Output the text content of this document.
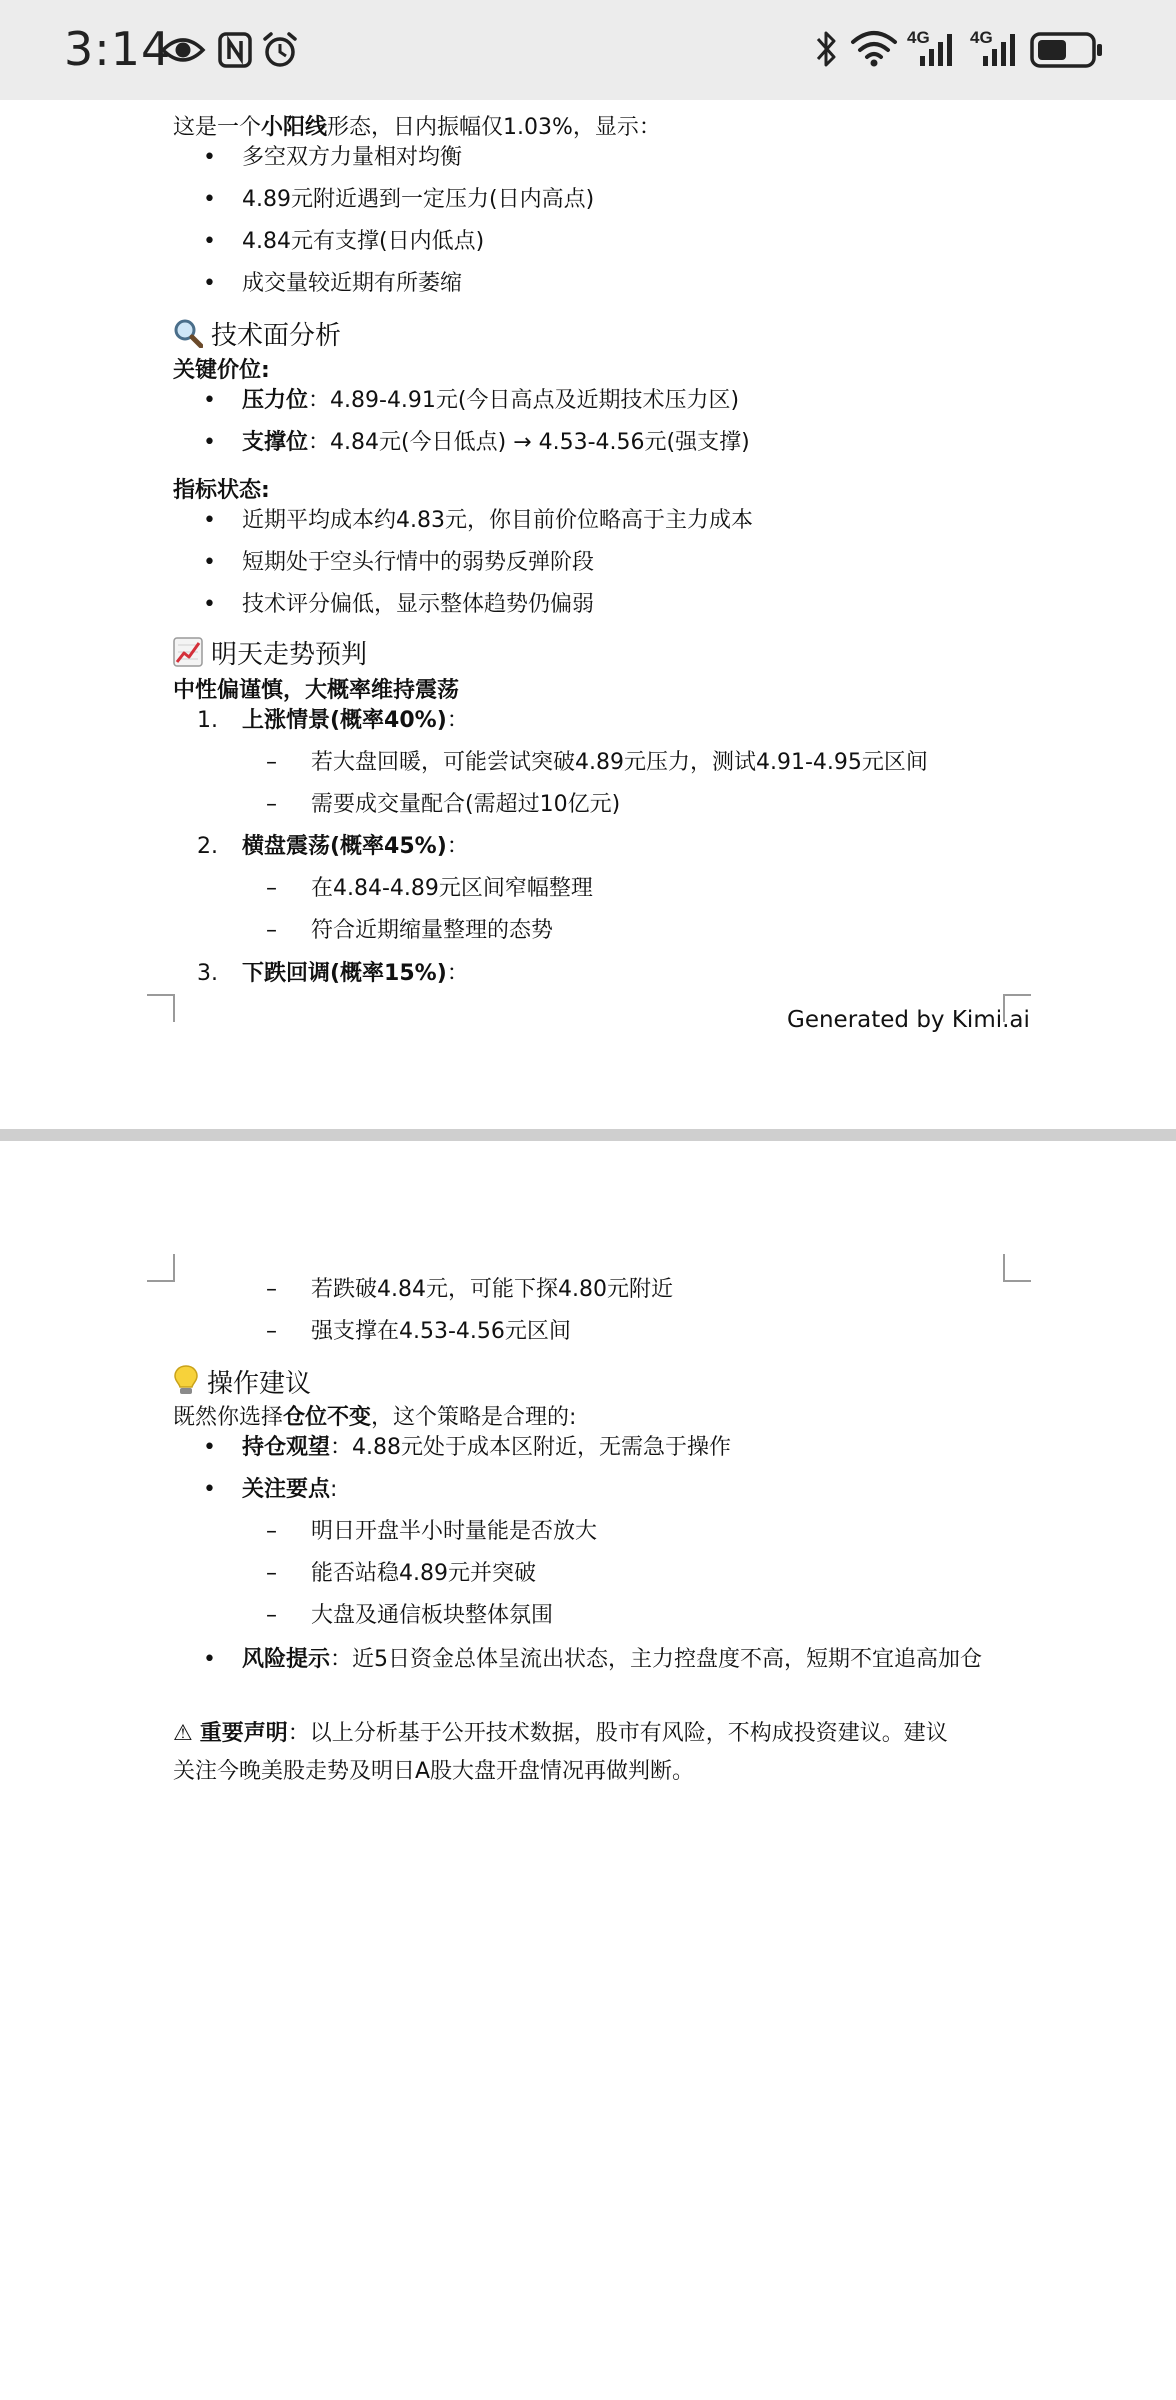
3:14	4G 4G
这是一个小阳线形态，日内振幅仅1.03%，显示：
• 多空双方力量相对均衡
• 4.89元附近遇到一定压力(日内高点)
• 4.84元有支撑(日内低点)
• 成交量较近期有所萎缩
技术面分析
关键价位:
• 压力位：4.89-4.91元(今日高点及近期技术压力区)
• 支撑位：4.84元(今日低点) → 4.53-4.56元(强支撑)
指标状态:
• 近期平均成本约4.83元，你目前价位略高于主力成本
• 短期处于空头行情中的弱势反弹阶段
• 技术评分偏低，显示整体趋势仍偏弱
明天走势预判
中性偏谨慎，大概率维持震荡
1. 上涨情景(概率40%)：
– 若大盘回暖，可能尝试突破4.89元压力，测试4.91-4.95元区间
– 需要成交量配合(需超过10亿元)
2. 横盘震荡(概率45%)：
– 在4.84-4.89元区间窄幅整理
– 符合近期缩量整理的态势
3. 下跌回调(概率15%)：
Generated by Kimi.ai
– 若跌破4.84元，可能下探4.80元附近
– 强支撑在4.53-4.56元区间
操作建议
既然你选择仓位不变，这个策略是合理的:
• 持仓观望：4.88元处于成本区附近，无需急于操作
• 关注要点:
– 明日开盘半小时量能是否放大
– 能否站稳4.89元并突破
– 大盘及通信板块整体氛围
• 风险提示：近5日资金总体呈流出状态，主力控盘度不高，短期不宜追高加仓
⚠ 重要声明：以上分析基于公开技术数据，股市有风险，不构成投资建议。建议
关注今晚美股走势及明日A股大盘开盘情况再做判断。
